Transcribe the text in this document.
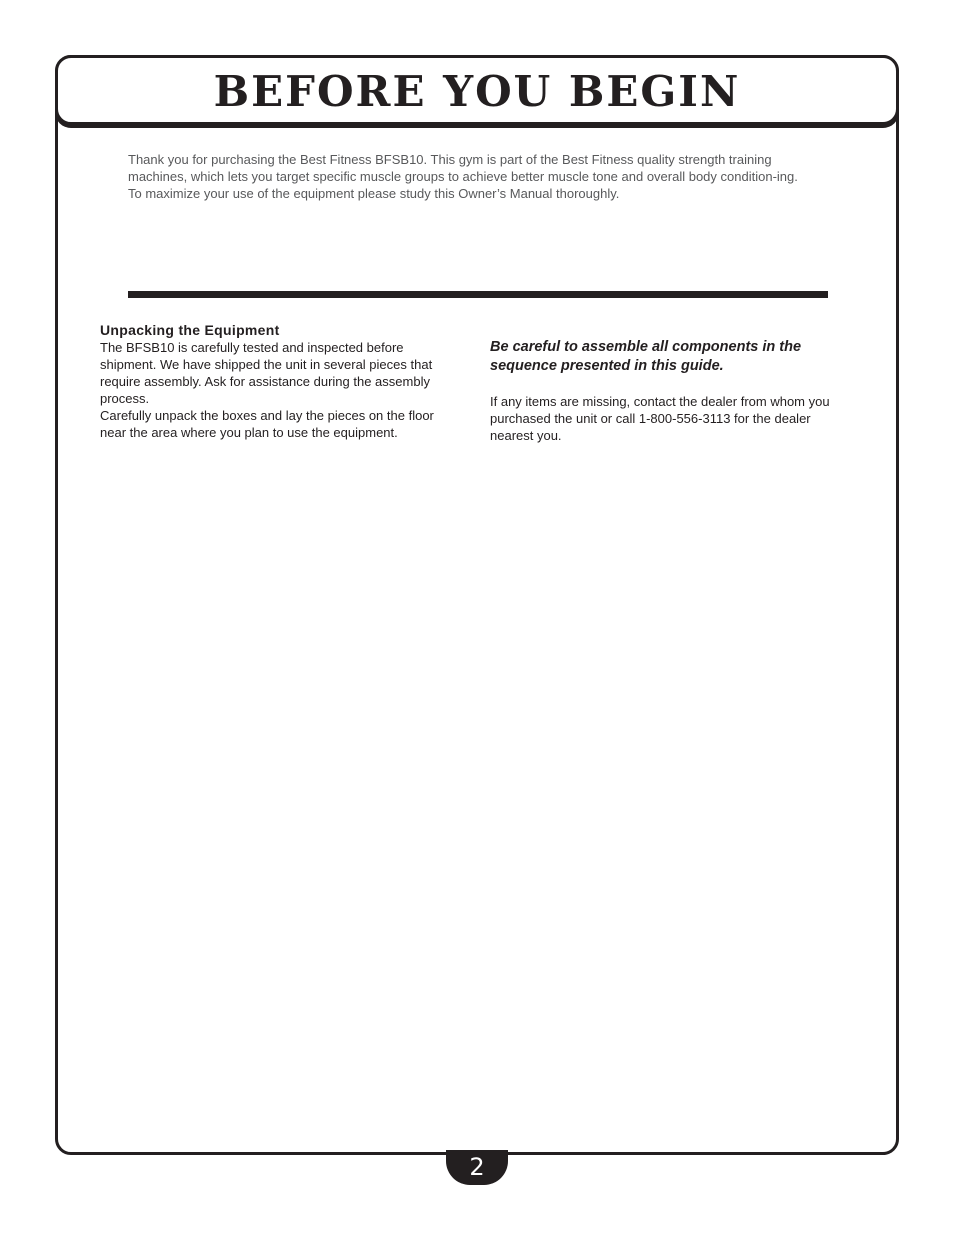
BEFORE YOU BEGIN

Thank you for purchasing the Best Fitness BFSB10. This gym is part of the Best Fitness quality strength training machines, which lets you target specific muscle groups to achieve better muscle tone and overall body condition-ing.

To maximize your use of the equipment please study this Owner’s Manual thoroughly.

Unpacking the Equipment

The BFSB10 is carefully tested and inspected before shipment. We have shipped the unit in several pieces that require assembly. Ask for assistance during the assembly process.

Carefully unpack the boxes and lay the pieces on the floor near the area where you plan to use the equipment.

Be careful to assemble all components in the sequence presented in this guide.

If any items are missing, contact the dealer from whom you purchased the unit or call 1-800-556-3113 for the dealer nearest you.

2
